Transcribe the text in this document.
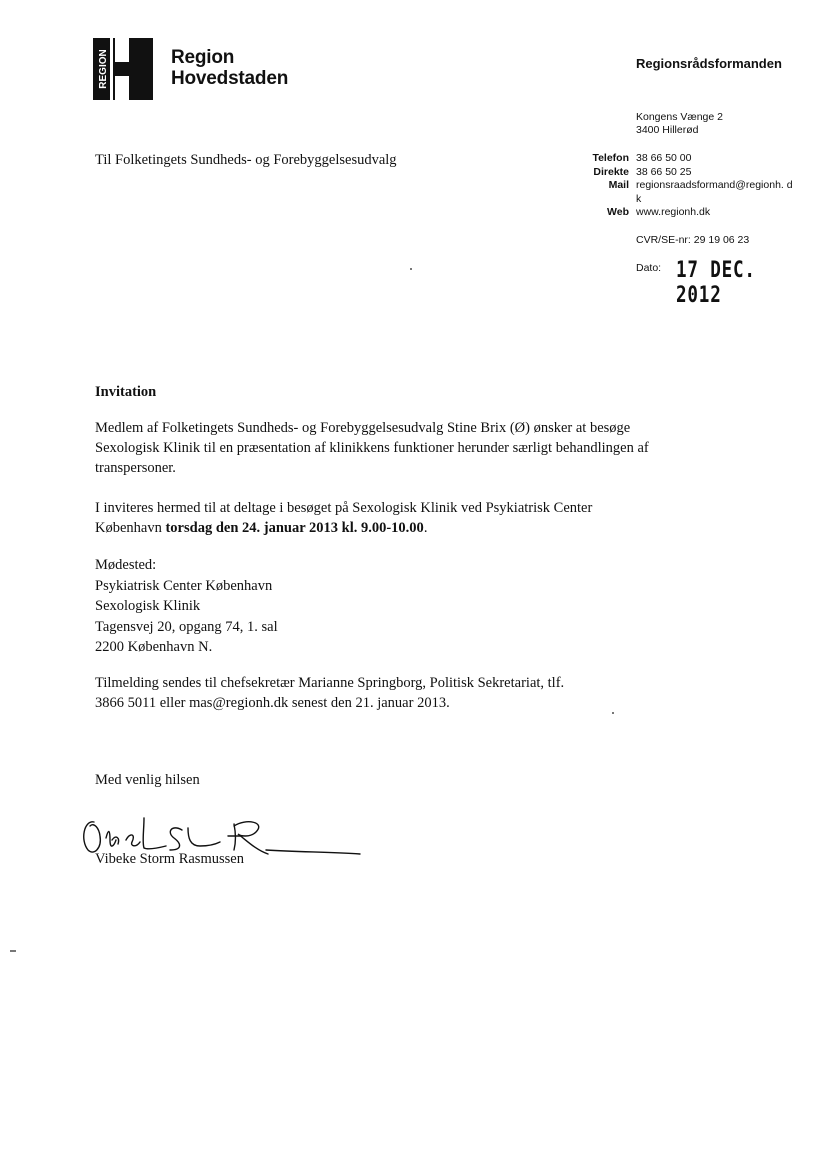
REGION	Region
Hovedstaden
Regionsrådsformanden
Kongens Vænge 2
3400 Hillerød
Til Folketingets Sundheds- og Forebyggelsesudvalg	Telefon 38 66 50 00
Direkte 38 66 50 25
Mail regionsraadsformand@regionh. dk
Web www.regionh.dk
CVR/SE-nr: 29 19 06 23
Dato: 17 DEC. 2012
Invitation
Medlem af Folketingets Sundheds- og Forebyggelsesudvalg Stine Brix (Ø) ønsker at besøge Sexologisk Klinik til en præsentation af klinikkens funktioner herunder særligt behandlingen af transpersoner.
I inviteres hermed til at deltage i besøget på Sexologisk Klinik ved Psykiatrisk Center København torsdag den 24. januar 2013 kl. 9.00-10.00.
Mødested:
Psykiatrisk Center København
Sexologisk Klinik
Tagensvej 20, opgang 74, 1. sal
2200 København N.
Tilmelding sendes til chefsekretær Marianne Springborg, Politisk Sekretariat, tlf. 3866 5011 eller mas@regionh.dk senest den 21. januar 2013.
Med venlig hilsen
Vibeke Storm Rasmussen
